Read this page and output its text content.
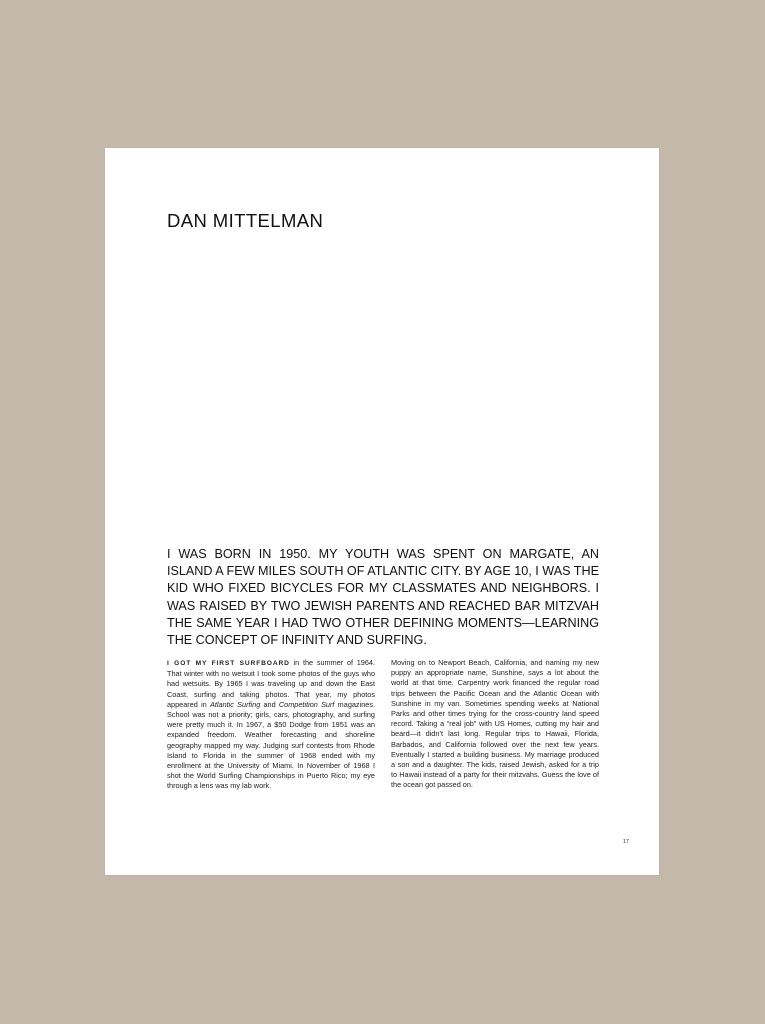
DAN MITTELMAN

I WAS BORN IN 1950. MY YOUTH WAS SPENT ON MARGATE, AN ISLAND A FEW MILES SOUTH OF ATLANTIC CITY. BY AGE 10, I WAS THE KID WHO FIXED BICYCLES FOR MY CLASSMATES AND NEIGHBORS. I WAS RAISED BY TWO JEWISH PARENTS AND REACHED BAR MITZVAH THE SAME YEAR I HAD TWO OTHER DEFINING MOMENTS—LEARNING THE CONCEPT OF INFINITY AND SURFING.

I GOT MY FIRST SURFBOARD in the summer of 1964. That winter with no wetsuit I took some photos of the guys who had wetsuits. By 1965 I was traveling up and down the East Coast, surfing and taking photos. That year, my photos appeared in Atlantic Surfing and Competition Surf magazines. School was not a priority; girls, cars, photography, and surfing were pretty much it. In 1967, a $50 Dodge from 1951 was an expanded freedom. Weather forecasting and shoreline geography mapped my way. Judging surf contests from Rhode Island to Florida in the summer of 1968 ended with my enrollment at the University of Miami. In November of 1968 I shot the World Surfing Championships in Puerto Rico; my eye through a lens was my lab work.

Moving on to Newport Beach, California, and naming my new puppy an appropriate name, Sunshine, says a lot about the world at that time. Carpentry work financed the regular road trips between the Pacific Ocean and the Atlantic Ocean with Sunshine in my van. Sometimes spending weeks at National Parks and other times trying for the cross-country land speed record. Taking a “real job” with US Homes, cutting my hair and beard—it didn’t last long. Regular trips to Hawaii, Florida, Barbados, and California followed over the next few years. Eventually I started a building business. My marriage produced a son and a daughter. The kids, raised Jewish, asked for a trip to Hawaii instead of a party for their mitzvahs. Guess the love of the ocean got passed on.

17
